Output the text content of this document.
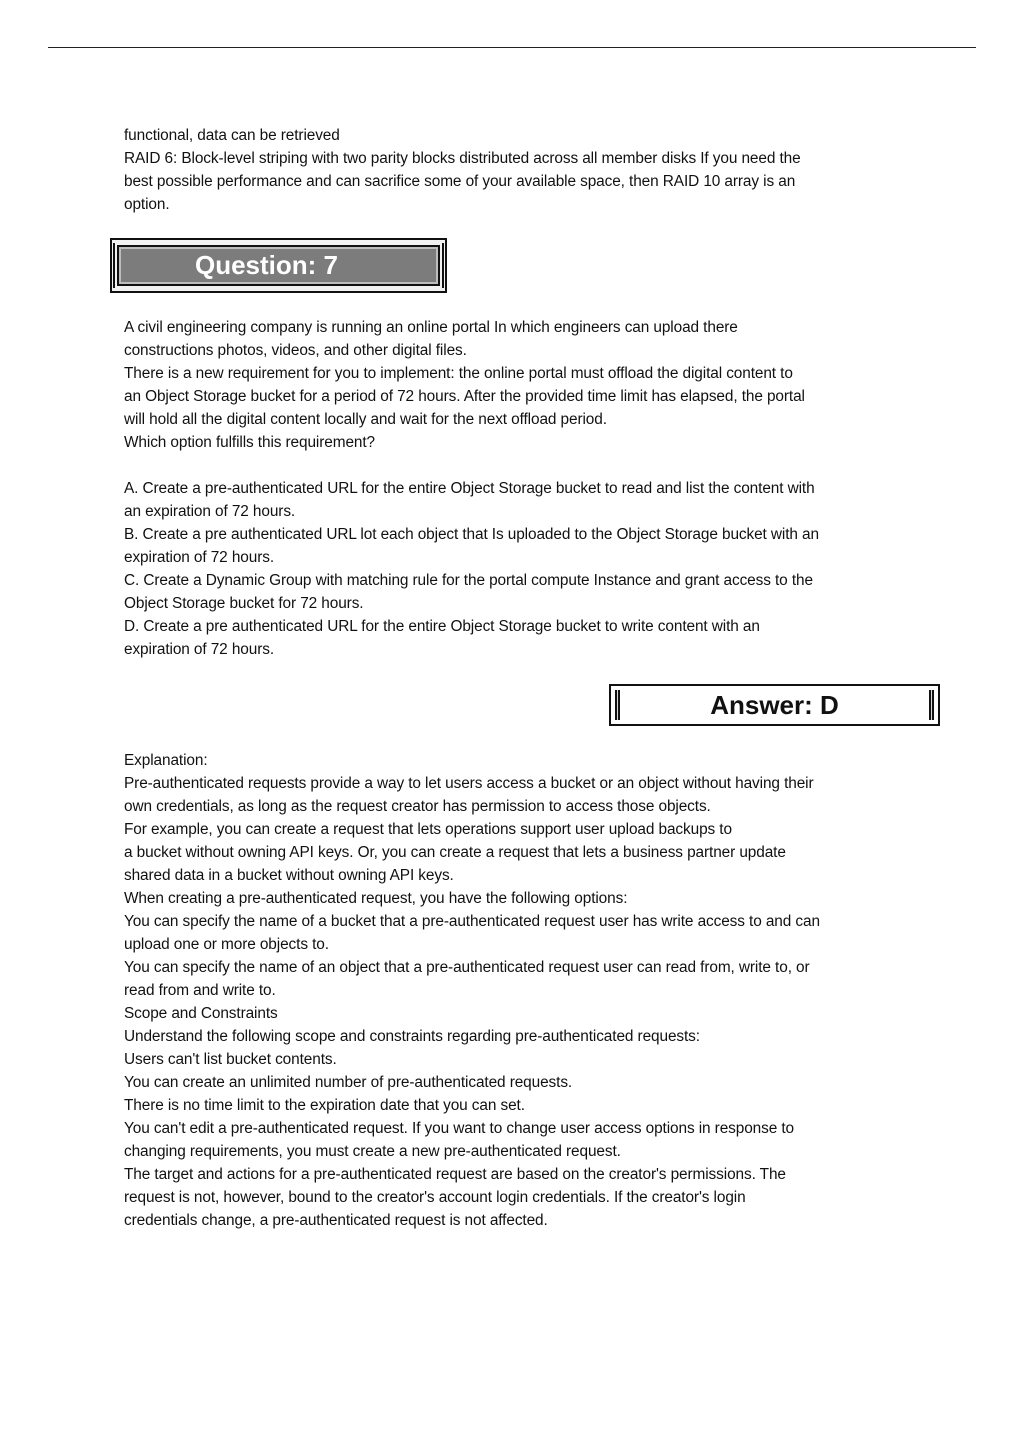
functional, data can be retrieved
RAID 6: Block-level striping with two parity blocks distributed across all member disks If you need the
best possible performance and can sacrifice some of your available space, then RAID 10 array is an
option.
Question: 7
A civil engineering company is running an online portal In which engineers can upload there
constructions photos, videos, and other digital files.
There is a new requirement for you to implement: the online portal must offload the digital content to
an Object Storage bucket for a period of 72 hours. After the provided time limit has elapsed, the portal
will hold all the digital content locally and wait for the next offload period.
Which option fulfills this requirement?
A. Create a pre-authenticated URL for the entire Object Storage bucket to read and list the content with
an expiration of 72 hours.
B. Create a pre authenticated URL lot each object that Is uploaded to the Object Storage bucket with an
expiration of 72 hours.
C. Create a Dynamic Group with matching rule for the portal compute Instance and grant access to the
Object Storage bucket for 72 hours.
D. Create a pre authenticated URL for the entire Object Storage bucket to write content with an
expiration of 72 hours.
Answer: D
Explanation:
Pre-authenticated requests provide a way to let users access a bucket or an object without having their
own credentials, as long as the request creator has permission to access those objects.
For example, you can create a request that lets operations support user upload backups to
a bucket without owning API keys. Or, you can create a request that lets a business partner update
shared data in a bucket without owning API keys.
When creating a pre-authenticated request, you have the following options:
You can specify the name of a bucket that a pre-authenticated request user has write access to and can
upload one or more objects to.
You can specify the name of an object that a pre-authenticated request user can read from, write to, or
read from and write to.
Scope and Constraints
Understand the following scope and constraints regarding pre-authenticated requests:
Users can't list bucket contents.
You can create an unlimited number of pre-authenticated requests.
There is no time limit to the expiration date that you can set.
You can't edit a pre-authenticated request. If you want to change user access options in response to
changing requirements, you must create a new pre-authenticated request.
The target and actions for a pre-authenticated request are based on the creator's permissions. The
request is not, however, bound to the creator's account login credentials. If the creator's login
credentials change, a pre-authenticated request is not affected.
